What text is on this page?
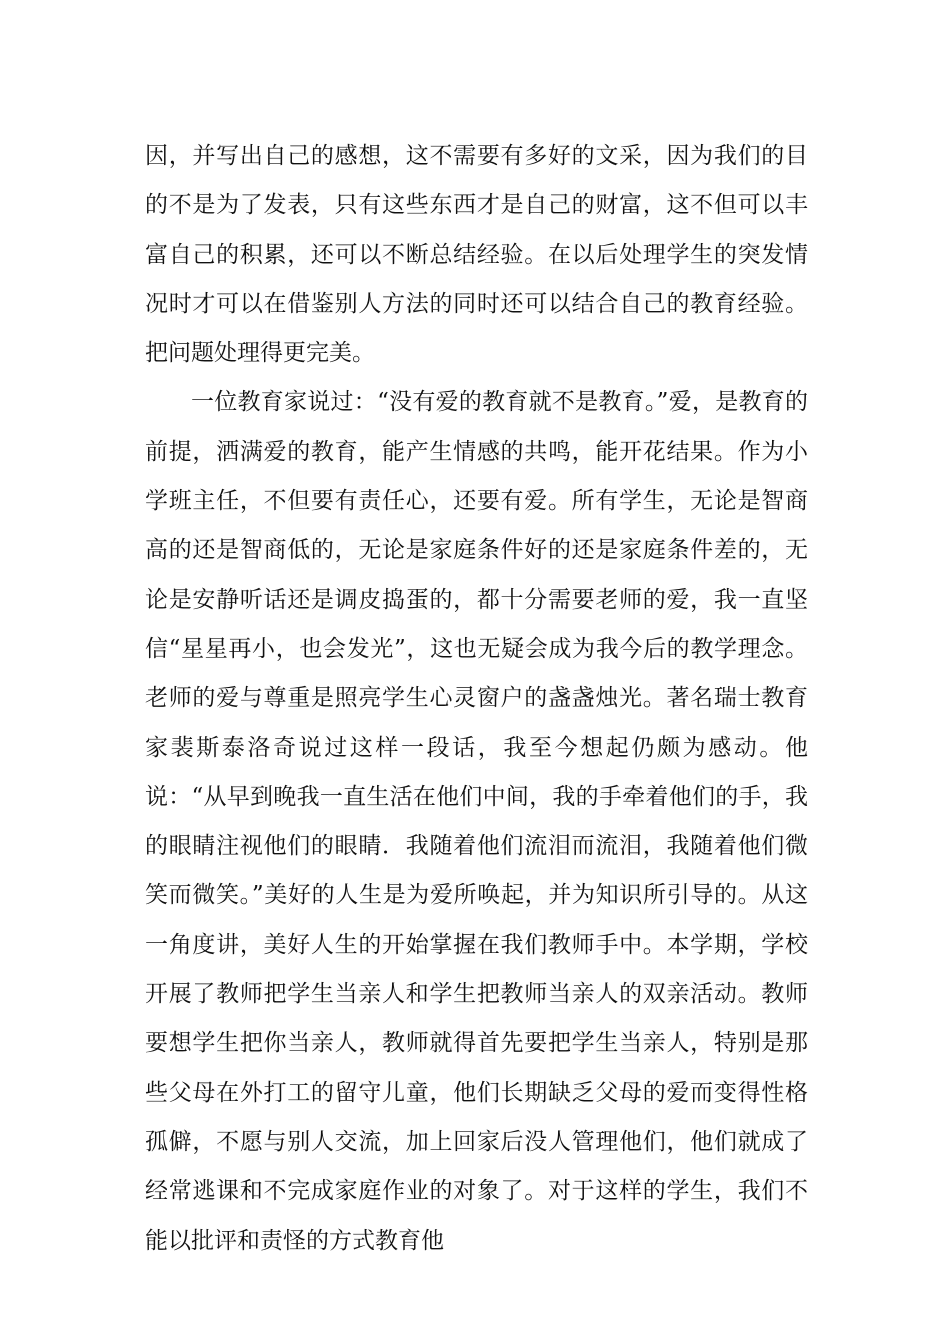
因，并写出自己的感想，这不需要有多好的文采，因为我们的目的不是为了发表，只有这些东西才是自己的财富，这不但可以丰富自己的积累，还可以不断总结经验。在以后处理学生的突发情况时才可以在借鉴别人方法的同时还可以结合自己的教育经验。把问题处理得更完美。

一位教育家说过：“没有爱的教育就不是教育。”爱，是教育的前提，洒满爱的教育，能产生情感的共鸣，能开花结果。作为小学班主任，不但要有责任心，还要有爱。所有学生，无论是智商高的还是智商低的，无论是家庭条件好的还是家庭条件差的，无论是安静听话还是调皮捣蛋的，都十分需要老师的爱，我一直坚信“星星再小，也会发光”，这也无疑会成为我今后的教学理念。老师的爱与尊重是照亮学生心灵窗户的盏盏烛光。著名瑞士教育家裴斯泰洛奇说过这样一段话，我至今想起仍颇为感动。他说：“从早到晚我一直生活在他们中间，我的手牵着他们的手，我的眼睛注视他们的眼睛．我随着他们流泪而流泪，我随着他们微笑而微笑。”美好的人生是为爱所唤起，并为知识所引导的。从这一角度讲，美好人生的开始掌握在我们教师手中。本学期，学校开展了教师把学生当亲人和学生把教师当亲人的双亲活动。教师要想学生把你当亲人，教师就得首先要把学生当亲人，特别是那些父母在外打工的留守儿童，他们长期缺乏父母的爱而变得性格孤僻，不愿与别人交流，加上回家后没人管理他们，他们就成了经常逃课和不完成家庭作业的对象了。对于这样的学生，我们不能以批评和责怪的方式教育他
